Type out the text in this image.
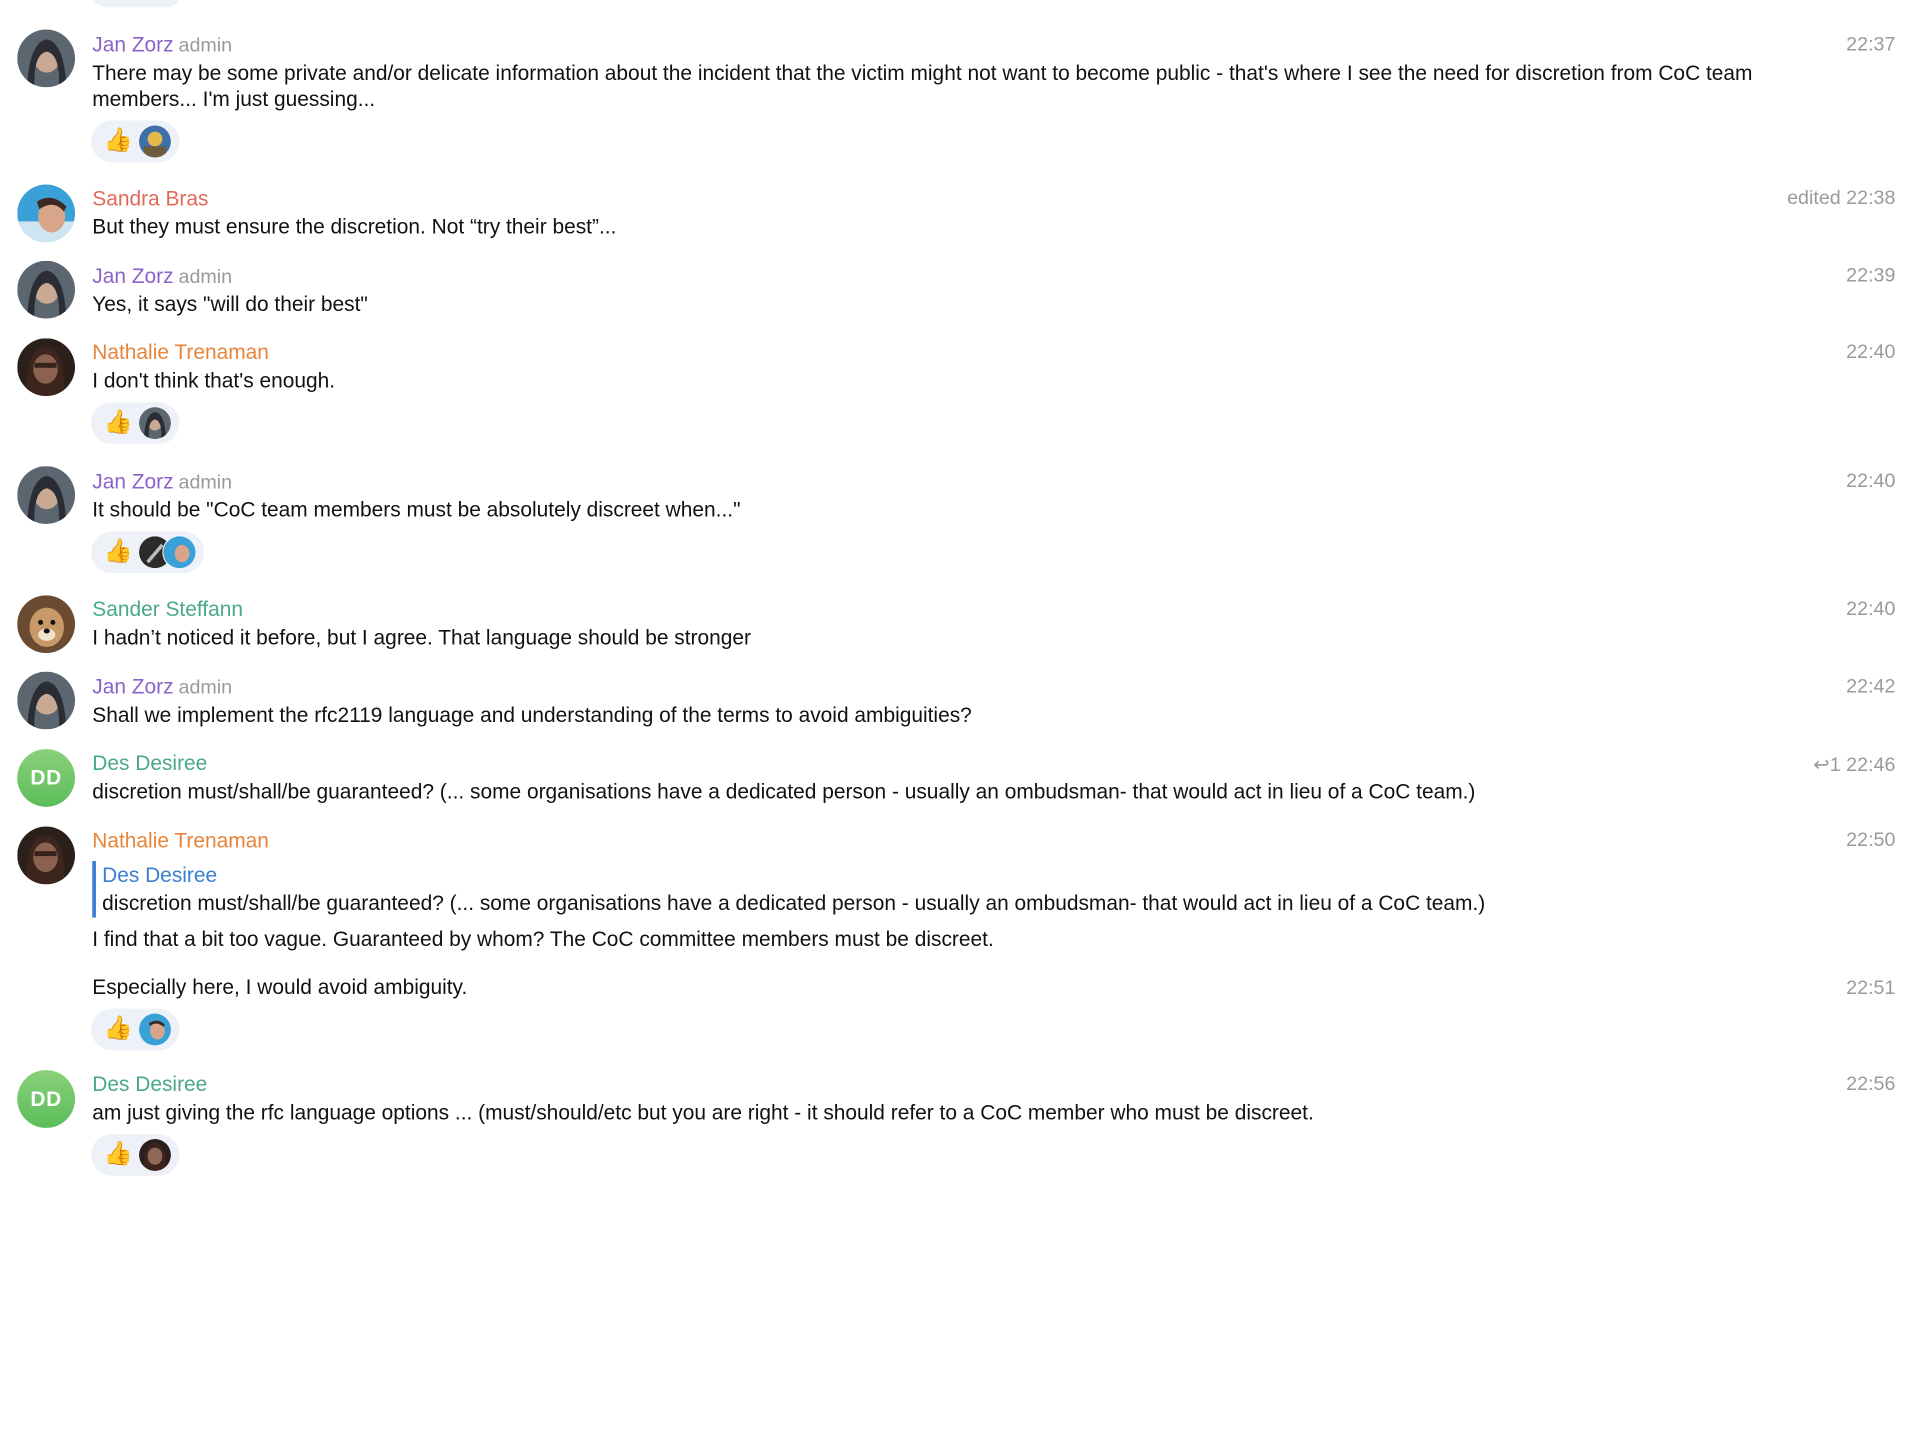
Jan Zorz admin	22:37
There may be some private and/or delicate information about the incident that the victim might not want to become public - that's where I see the need for discretion from CoC team members... I'm just guessing...
👍
Sandra Bras	edited 22:38
But they must ensure the discretion. Not “try their best”...
Jan Zorz admin	22:39
Yes, it says "will do their best"
Nathalie Trenaman	22:40
I don't think that's enough.
👍
Jan Zorz admin	22:40
It should be "CoC team members must be absolutely discreet when..."
👍
Sander Steffann	22:40
I hadn’t noticed it before, but I agree. That language should be stronger
Jan Zorz admin	22:42
Shall we implement the rfc2119 language and understanding of the terms to avoid ambiguities?
DD
Des Desiree	↩︎1 22:46
discretion must/shall/be guaranteed? (... some organisations have a dedicated person - usually an ombudsman- that would act in lieu of a CoC team.)
Nathalie Trenaman	22:50
Des Desiree
discretion must/shall/be guaranteed? (... some organisations have a dedicated person - usually an ombudsman- that would act in lieu of a CoC team.)
I find that a bit too vague. Guaranteed by whom? The CoC committee members must be discreet.
22:51
Especially here, I would avoid ambiguity.
👍
DD
Des Desiree	22:56
am just giving the rfc language options ... (must/should/etc but you are right - it should refer to a CoC member who must be discreet.
👍
